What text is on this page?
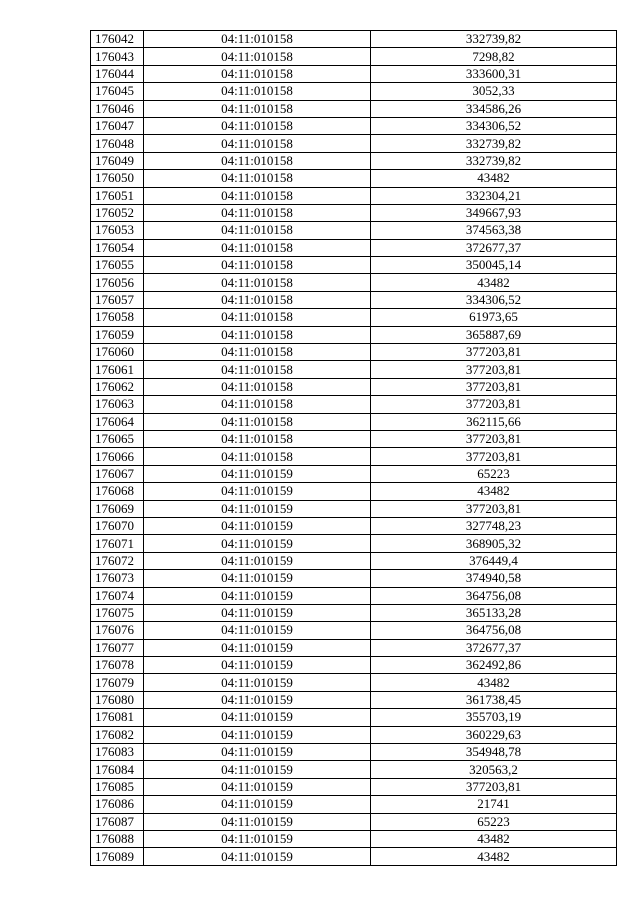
176042	04:11:010158	332739,82
176043	04:11:010158	7298,82
176044	04:11:010158	333600,31
176045	04:11:010158	3052,33
176046	04:11:010158	334586,26
176047	04:11:010158	334306,52
176048	04:11:010158	332739,82
176049	04:11:010158	332739,82
176050	04:11:010158	43482
176051	04:11:010158	332304,21
176052	04:11:010158	349667,93
176053	04:11:010158	374563,38
176054	04:11:010158	372677,37
176055	04:11:010158	350045,14
176056	04:11:010158	43482
176057	04:11:010158	334306,52
176058	04:11:010158	61973,65
176059	04:11:010158	365887,69
176060	04:11:010158	377203,81
176061	04:11:010158	377203,81
176062	04:11:010158	377203,81
176063	04:11:010158	377203,81
176064	04:11:010158	362115,66
176065	04:11:010158	377203,81
176066	04:11:010158	377203,81
176067	04:11:010159	65223
176068	04:11:010159	43482
176069	04:11:010159	377203,81
176070	04:11:010159	327748,23
176071	04:11:010159	368905,32
176072	04:11:010159	376449,4
176073	04:11:010159	374940,58
176074	04:11:010159	364756,08
176075	04:11:010159	365133,28
176076	04:11:010159	364756,08
176077	04:11:010159	372677,37
176078	04:11:010159	362492,86
176079	04:11:010159	43482
176080	04:11:010159	361738,45
176081	04:11:010159	355703,19
176082	04:11:010159	360229,63
176083	04:11:010159	354948,78
176084	04:11:010159	320563,2
176085	04:11:010159	377203,81
176086	04:11:010159	21741
176087	04:11:010159	65223
176088	04:11:010159	43482
176089	04:11:010159	43482
